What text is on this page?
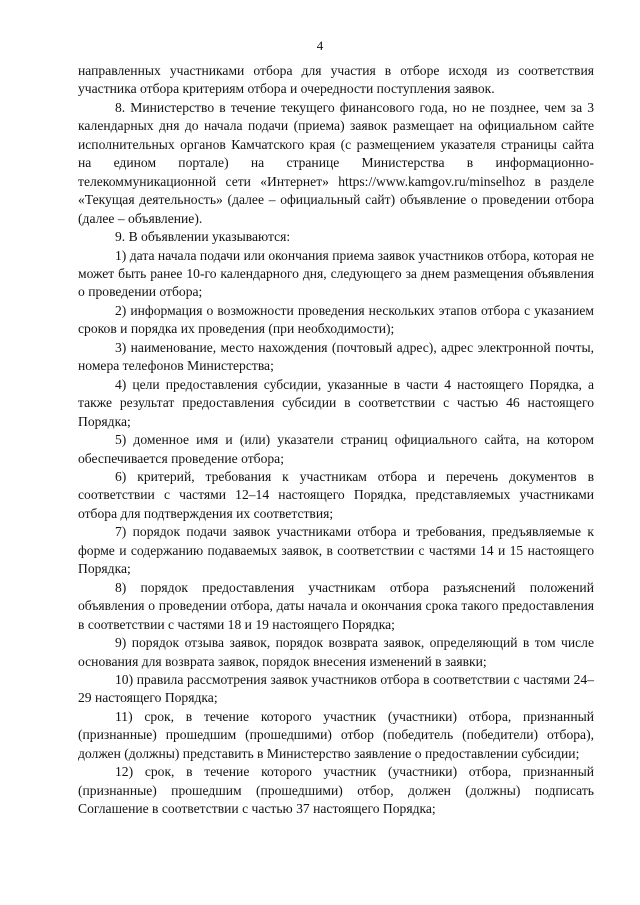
4

направленных участниками отбора для участия в отборе исходя из соответствия участника отбора критериям отбора и очередности поступления заявок.

8. Министерство в течение текущего финансового года, но не позднее, чем за 3 календарных дня до начала подачи (приема) заявок размещает на официальном сайте исполнительных органов Камчатского края (с размещением указателя страницы сайта на едином портале) на странице Министерства в информационно-телекоммуникационной сети «Интернет» https://www.kamgov.ru/minselhoz в разделе «Текущая деятельность» (далее – официальный сайт) объявление о проведении отбора (далее – объявление).

9. В объявлении указываются:

1) дата начала подачи или окончания приема заявок участников отбора, которая не может быть ранее 10-го календарного дня, следующего за днем размещения объявления о проведении отбора;

2) информация о возможности проведения нескольких этапов отбора с указанием сроков и порядка их проведения (при необходимости);

3) наименование, место нахождения (почтовый адрес), адрес электронной почты, номера телефонов Министерства;

4) цели предоставления субсидии, указанные в части 4 настоящего Порядка, а также результат предоставления субсидии в соответствии с частью 46 настоящего Порядка;

5) доменное имя и (или) указатели страниц официального сайта, на котором обеспечивается проведение отбора;

6) критерий, требования к участникам отбора и перечень документов в соответствии с частями 12–14 настоящего Порядка, представляемых участниками отбора для подтверждения их соответствия;

7) порядок подачи заявок участниками отбора и требования, предъявляемые к форме и содержанию подаваемых заявок, в соответствии с частями 14 и 15 настоящего Порядка;

8) порядок предоставления участникам отбора разъяснений положений объявления о проведении отбора, даты начала и окончания срока такого предоставления в соответствии с частями 18 и 19 настоящего Порядка;

9) порядок отзыва заявок, порядок возврата заявок, определяющий в том числе основания для возврата заявок, порядок внесения изменений в заявки;

10) правила рассмотрения заявок участников отбора в соответствии с частями 24–29 настоящего Порядка;

11) срок, в течение которого участник (участники) отбора, признанный (признанные) прошедшим (прошедшими) отбор (победитель (победители) отбора), должен (должны) представить в Министерство заявление о предоставлении субсидии;

12) срок, в течение которого участник (участники) отбора, признанный (признанные) прошедшим (прошедшими) отбор, должен (должны) подписать Соглашение в соответствии с частью 37 настоящего Порядка;
